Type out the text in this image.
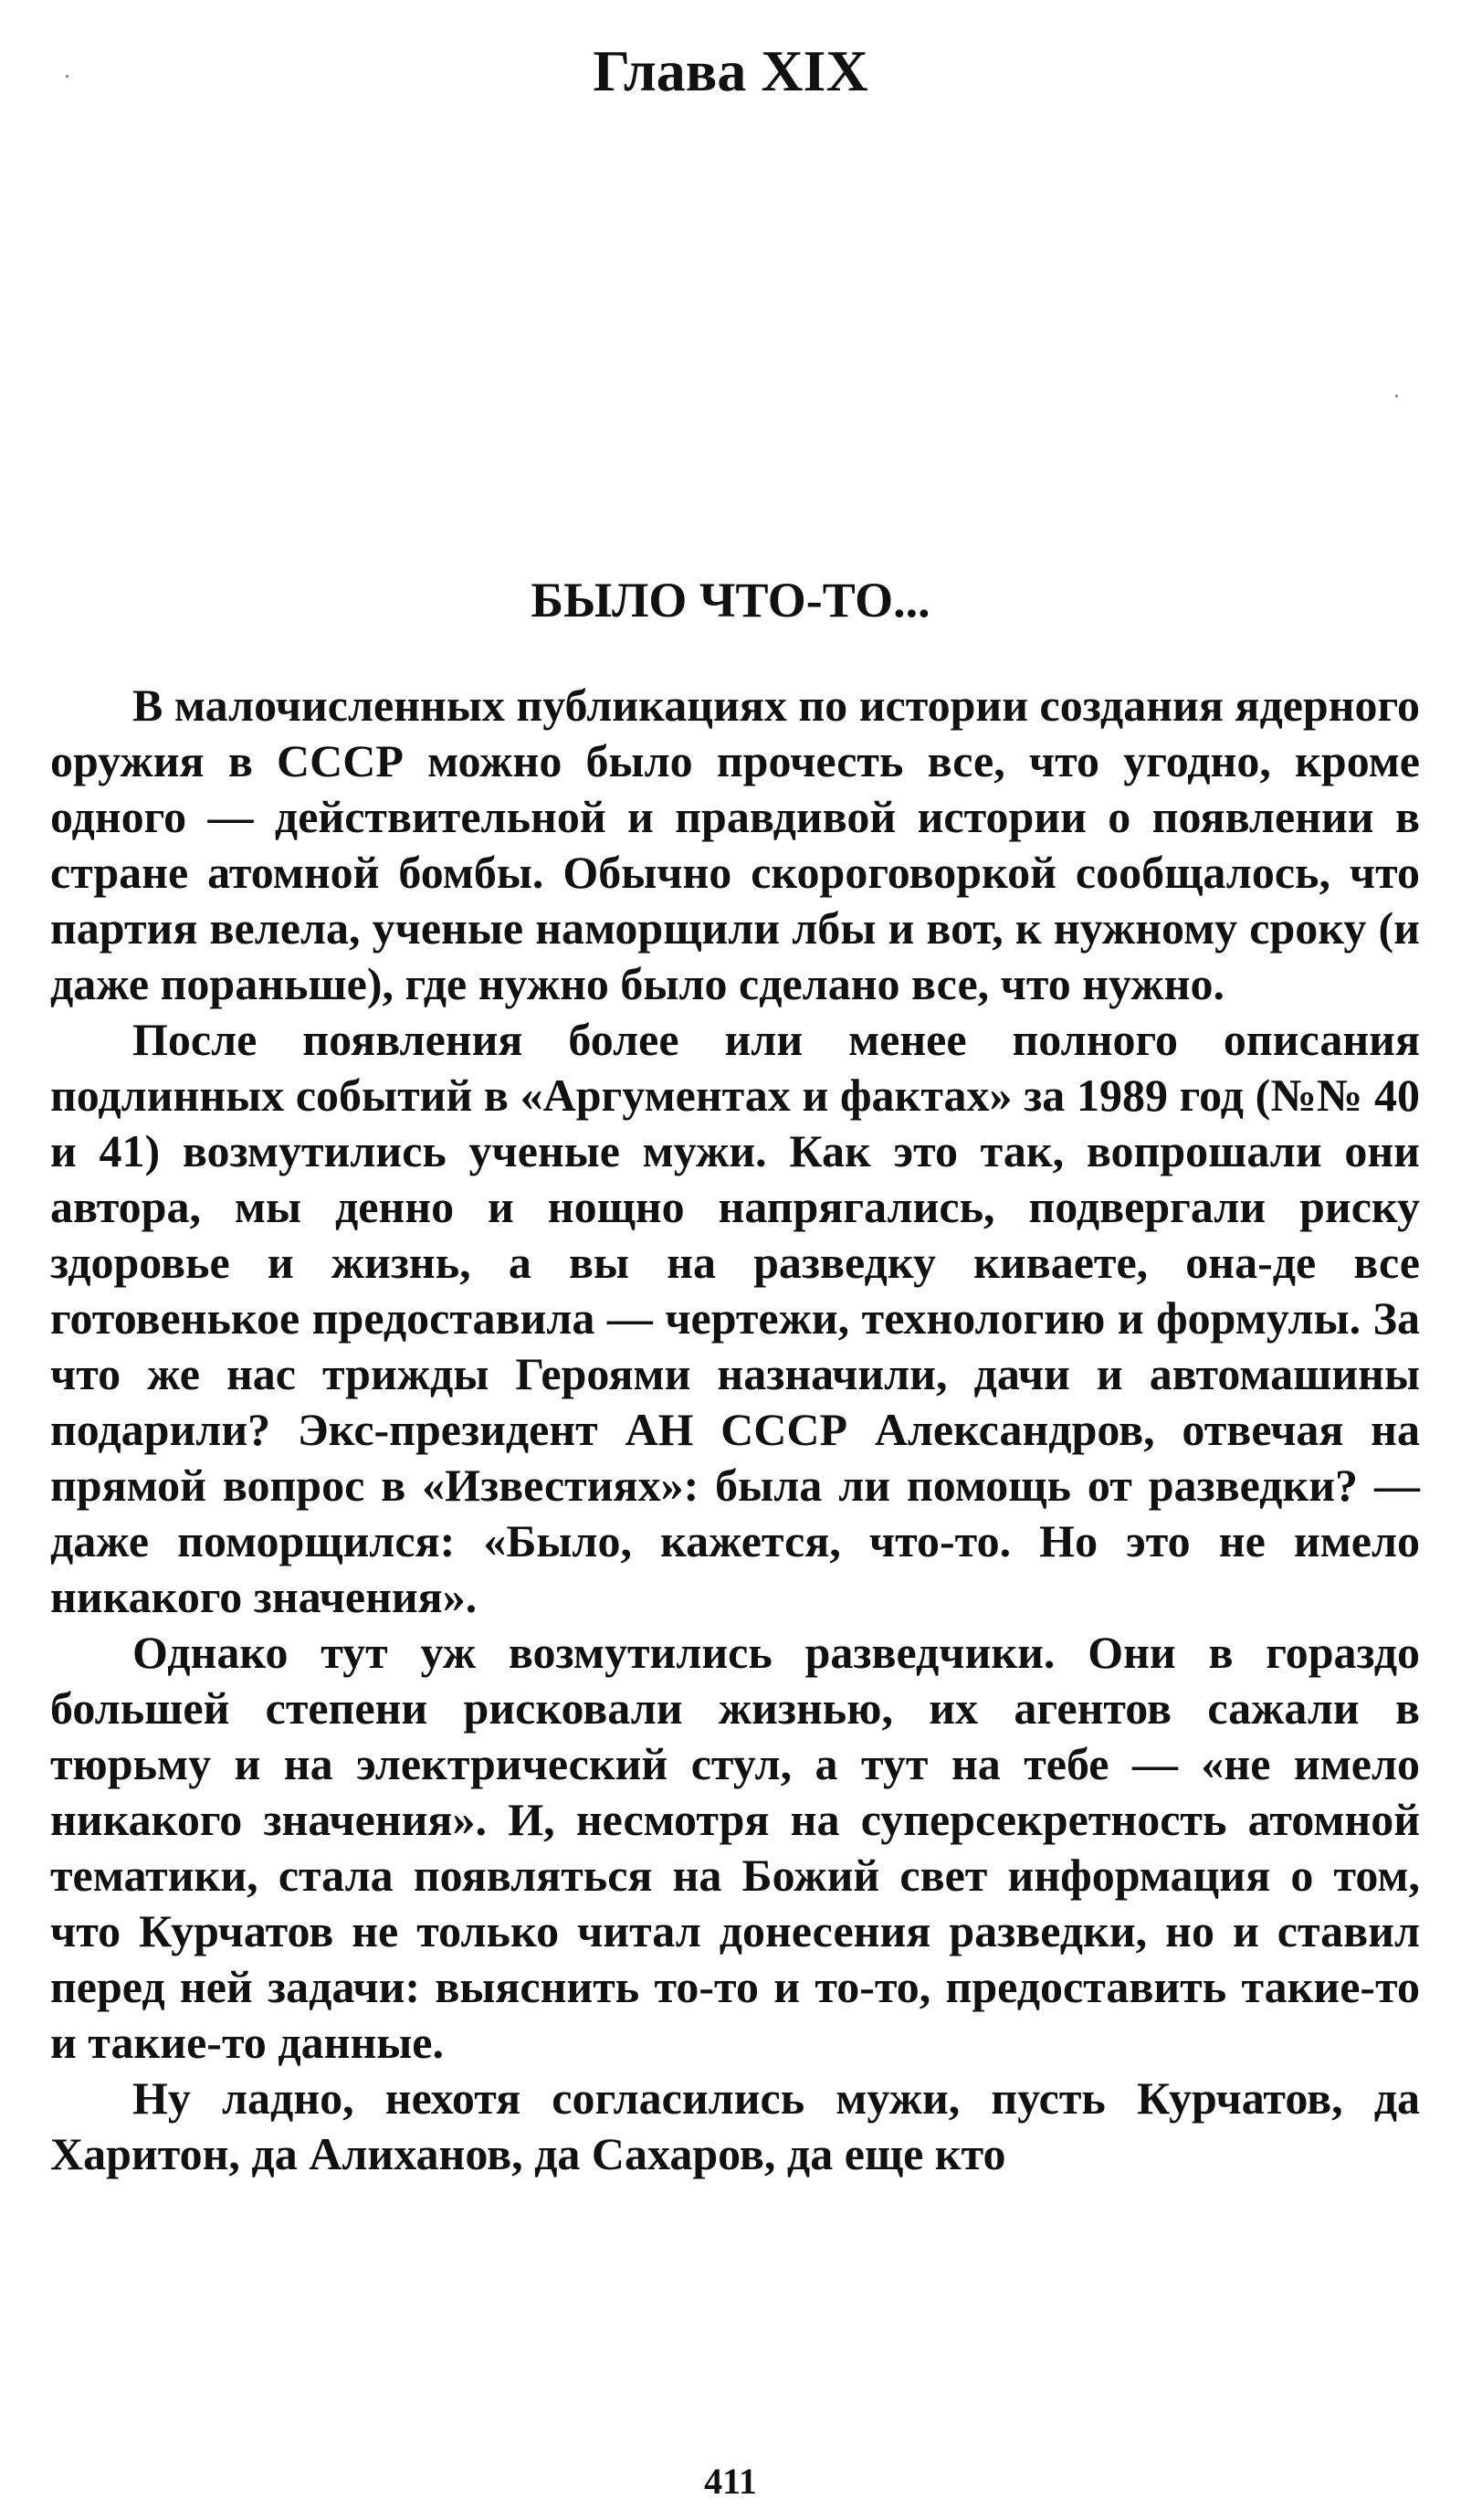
Глава XIX
БЫЛО ЧТО-ТО...

В малочисленных публикациях по истории создания ядерного оружия в СССР можно было прочесть все, что угодно, кроме одного — действительной и правдивой истории о появлении в стране атомной бомбы. Обычно скороговоркой сообщалось, что партия велела, ученые наморщили лбы и вот, к нужному сроку (и даже пораньше), где нужно было сделано все, что нужно.

После появления более или менее полного описания подлинных событий в «Аргументах и фактах» за 1989 год (№№ 40 и 41) возмутились ученые мужи. Как это так, вопрошали они автора, мы денно и нощно напрягались, подвергали риску здоровье и жизнь, а вы на разведку киваете, она-де все готовенькое предоставила — чертежи, технологию и формулы. За что же нас трижды Героями назначили, дачи и автомашины подарили? Экс-президент АН СССР Александров, отвечая на прямой вопрос в «Известиях»: была ли помощь от разведки? — даже поморщился: «Было, кажется, что-то. Но это не имело никакого значения».

Однако тут уж возмутились разведчики. Они в гораздо большей степени рисковали жизнью, их агентов сажали в тюрьму и на электрический стул, а тут на тебе — «не имело никакого значения». И, несмотря на суперсекретность атомной тематики, стала появляться на Божий свет информация о том, что Курчатов не только читал донесения разведки, но и ставил перед ней задачи: выяснить то-то и то-то, предоставить такие-то и такие-то данные.

Ну ладно, нехотя согласились мужи, пусть Курчатов, да Харитон, да Алиханов, да Сахаров, да еще кто

411
